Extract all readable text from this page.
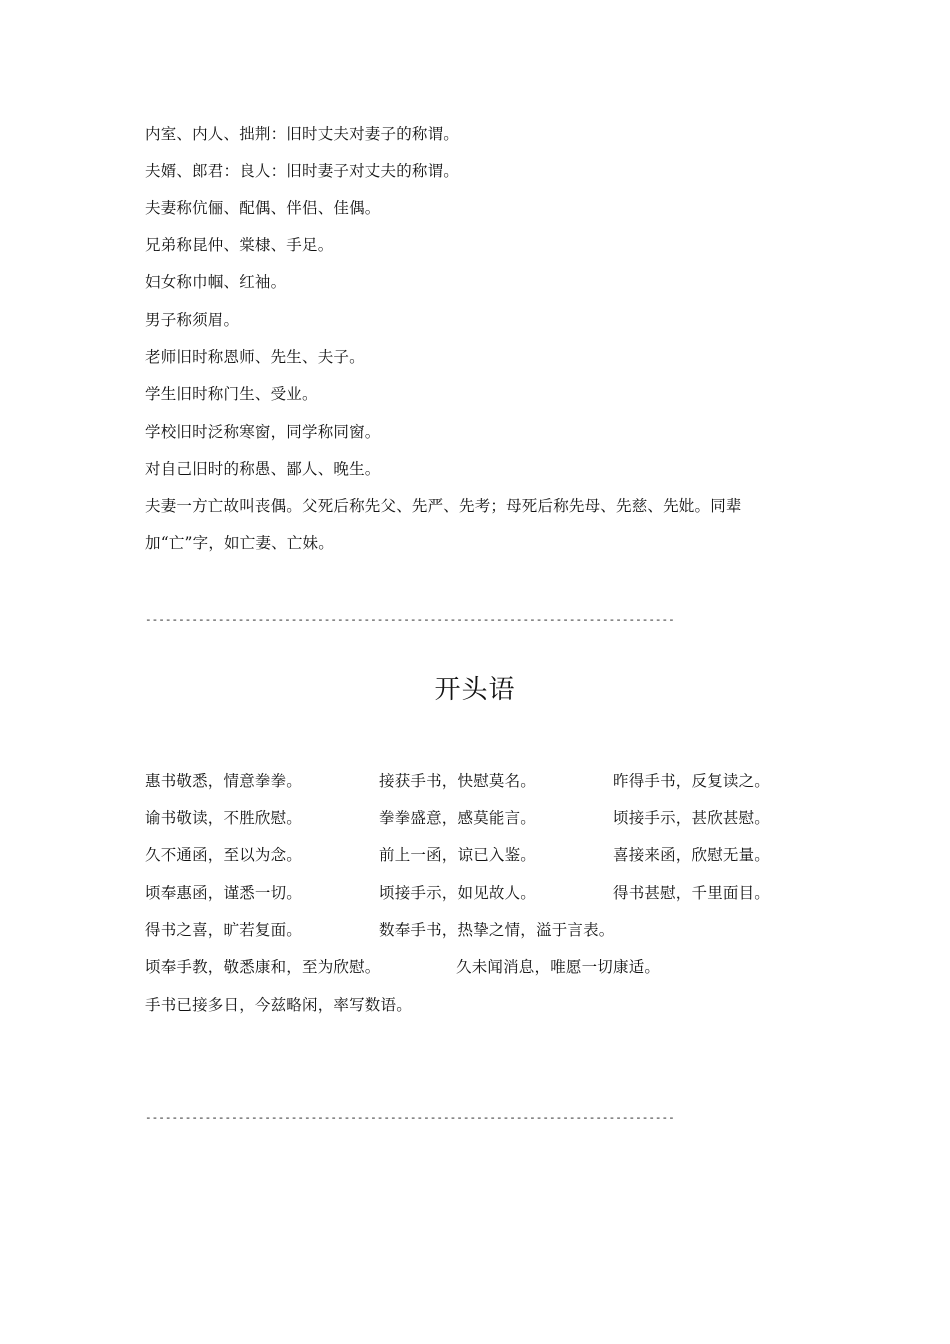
内室、内人、拙荆：旧时丈夫对妻子的称谓。
夫婿、郎君：良人：旧时妻子对丈夫的称谓。
夫妻称伉俪、配偶、伴侣、佳偶。
兄弟称昆仲、棠棣、手足。
妇女称巾帼、红袖。
男子称须眉。
老师旧时称恩师、先生、夫子。
学生旧时称门生、受业。
学校旧时泛称寒窗，同学称同窗。
对自己旧时的称愚、鄙人、晚生。
夫妻一方亡故叫丧偶。父死后称先父、先严、先考；母死后称先母、先慈、先妣。同辈加“亡”字，如亡妻、亡妹。
--------------------------------------------------------------------------------
开头语
惠书敬悉，情意拳拳。	接获手书，快慰莫名。	昨得手书，反复读之。
谕书敬读，不胜欣慰。	拳拳盛意，感莫能言。	顷接手示，甚欣甚慰。
久不通函，至以为念。	前上一函，谅已入鉴。	喜接来函，欣慰无量。
顷奉惠函，谨悉一切。	顷接手示，如见故人。	得书甚慰，千里面目。
得书之喜，旷若复面。	数奉手书，热挚之情，溢于言表。
顷奉手教，敬悉康和，至为欣慰。	久未闻消息，唯愿一切康适。
手书已接多日，今兹略闲，率写数语。
--------------------------------------------------------------------------------
